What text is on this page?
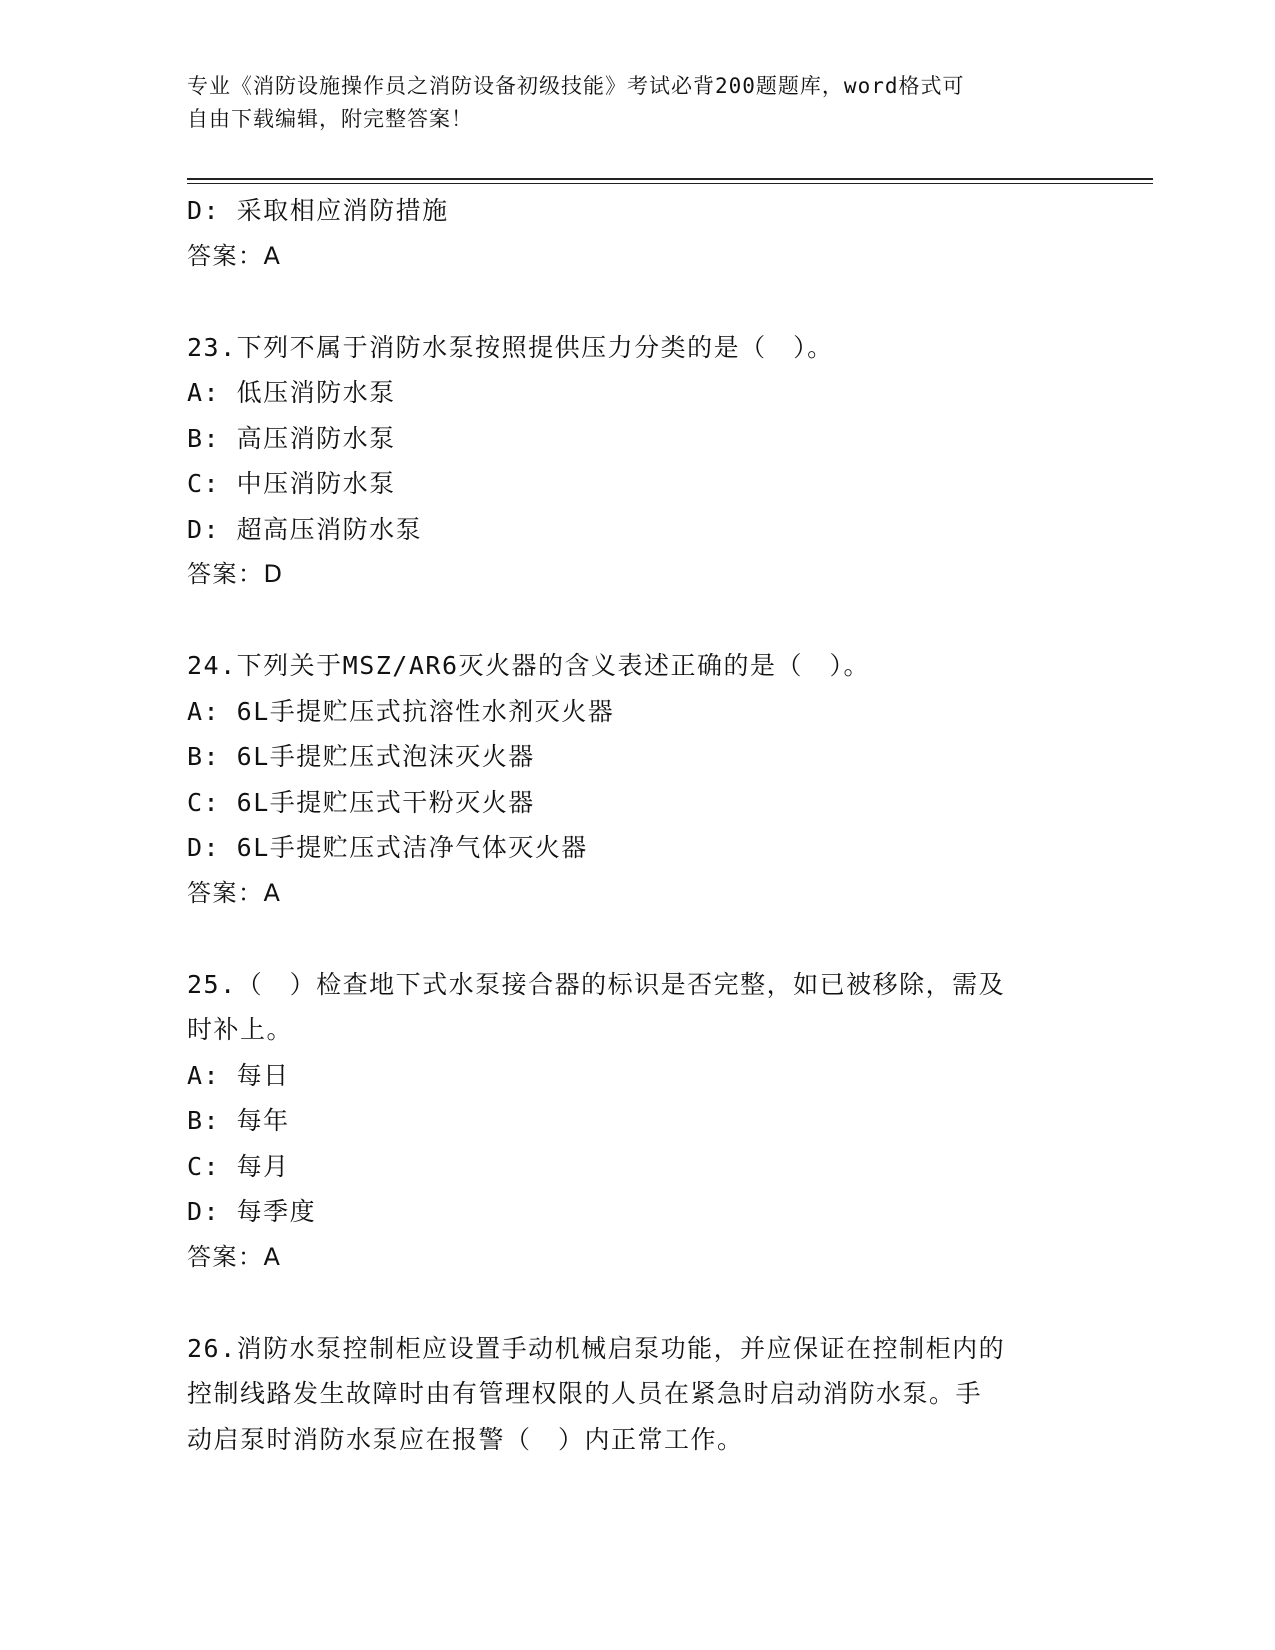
专业《消防设施操作员之消防设备初级技能》考试必背200题题库，word格式可
自由下载编辑，附完整答案！
D: 采取相应消防措施
答案：A
23.下列不属于消防水泵按照提供压力分类的是（　）。
A: 低压消防水泵
B: 高压消防水泵
C: 中压消防水泵
D: 超高压消防水泵
答案：D
24.下列关于MSZ/AR6灭火器的含义表述正确的是（　）。
A: 6L手提贮压式抗溶性水剂灭火器
B: 6L手提贮压式泡沫灭火器
C: 6L手提贮压式干粉灭火器
D: 6L手提贮压式洁净气体灭火器
答案：A
25.（　）检查地下式水泵接合器的标识是否完整，如已被移除，需及
时补上。
A: 每日
B: 每年
C: 每月
D: 每季度
答案：A
26.消防水泵控制柜应设置手动机械启泵功能，并应保证在控制柜内的
控制线路发生故障时由有管理权限的人员在紧急时启动消防水泵。手
动启泵时消防水泵应在报警（　）内正常工作。
